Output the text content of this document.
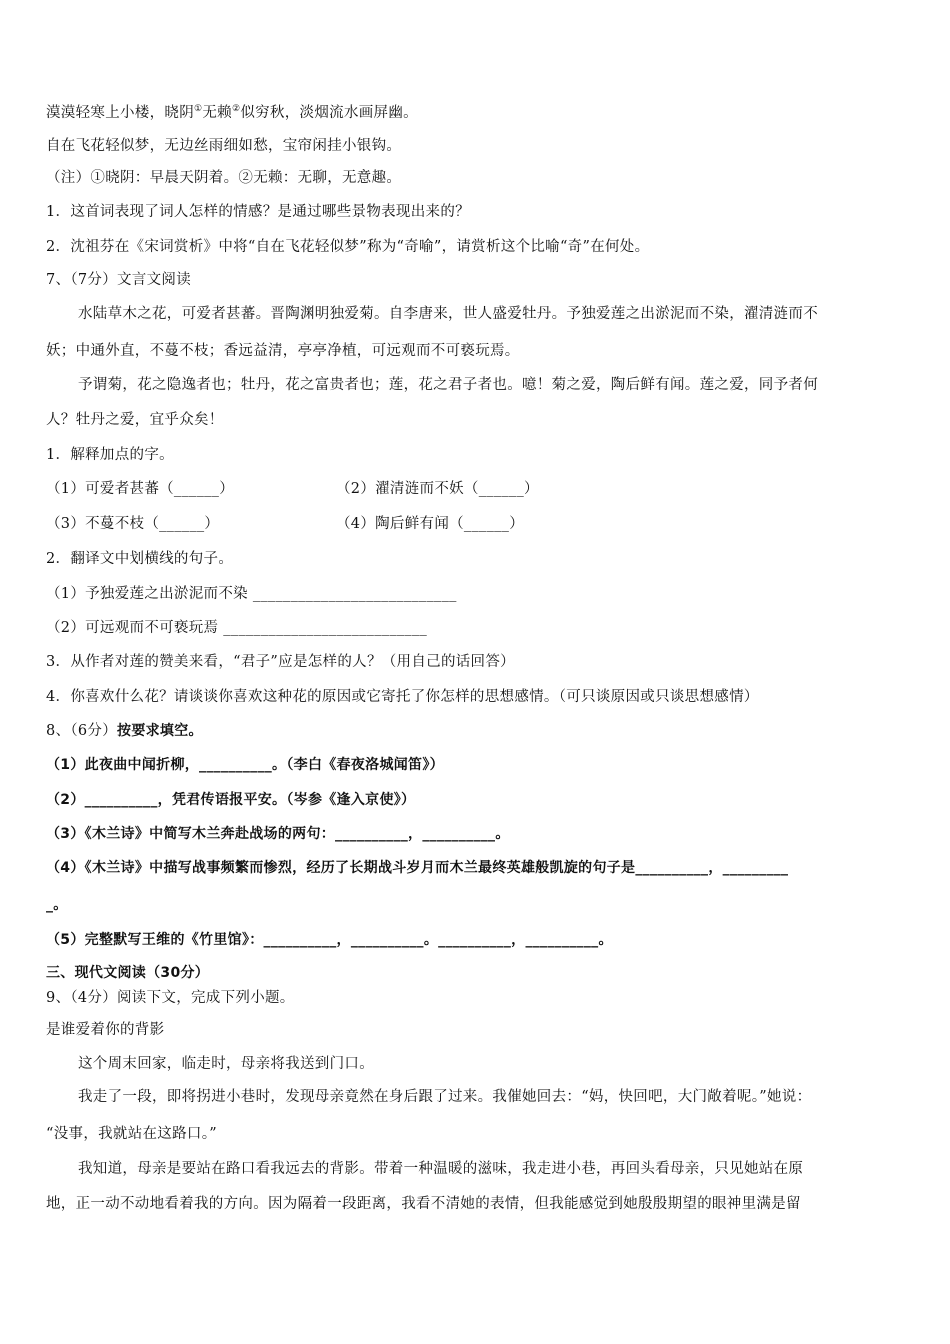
漠漠轻寒上小楼，晓阴①无赖②似穷秋，淡烟流水画屏幽。
自在飞花轻似梦，无边丝雨细如愁，宝帘闲挂小银钩。
（注）①晓阴：早晨天阴着。②无赖：无聊，无意趣。
1．这首词表现了词人怎样的情感？是通过哪些景物表现出来的？
2．沈祖芬在《宋词赏析》中将“自在飞花轻似梦”称为“奇喻”，请赏析这个比喻“奇”在何处。
7、（7分）文言文阅读
水陆草木之花，可爱者甚蕃。晋陶渊明独爱菊。自李唐来，世人盛爱牡丹。予独爱莲之出淤泥而不染，濯清涟而不
妖；中通外直，不蔓不枝；香远益清，亭亭净植，可远观而不可亵玩焉。
予谓菊，花之隐逸者也；牡丹，花之富贵者也；莲，花之君子者也。噫！菊之爱，陶后鲜有闻。莲之爱，同予者何
人？牡丹之爱，宜乎众矣！
1．解释加点的字。
（1）可爱者甚蕃（______）	（2）濯清涟而不妖（______）
（3）不蔓不枝（______）	（4）陶后鲜有闻（______）
2．翻译文中划横线的句子。
（1）予独爱莲之出淤泥而不染 ___________________________
（2）可远观而不可亵玩焉 ___________________________
3．从作者对莲的赞美来看，“君子”应是怎样的人？（用自己的话回答）
4．你喜欢什么花？请谈谈你喜欢这种花的原因或它寄托了你怎样的思想感情。（可只谈原因或只谈思想感情）
8、（6分）按要求填空。
（1）此夜曲中闻折柳，__________。（李白《春夜洛城闻笛》）
（2）__________，凭君传语报平安。（岑参《逢入京使》）
（3）《木兰诗》中简写木兰奔赴战场的两句：__________，__________。
（4）《木兰诗》中描写战事频繁而惨烈，经历了长期战斗岁月而木兰最终英雄般凯旋的句子是__________，_________
_。
（5）完整默写王维的《竹里馆》：__________，__________。__________，__________。
三、现代文阅读（30分）
9、（4分）阅读下文，完成下列小题。
是谁爱着你的背影
这个周末回家，临走时，母亲将我送到门口。
我走了一段，即将拐进小巷时，发现母亲竟然在身后跟了过来。我催她回去：“妈，快回吧，大门敞着呢。”她说：
“没事，我就站在这路口。”
我知道，母亲是要站在路口看我远去的背影。带着一种温暖的滋味，我走进小巷，再回头看母亲，只见她站在原
地，正一动不动地看着我的方向。因为隔着一段距离，我看不清她的表情，但我能感觉到她殷殷期望的眼神里满是留
